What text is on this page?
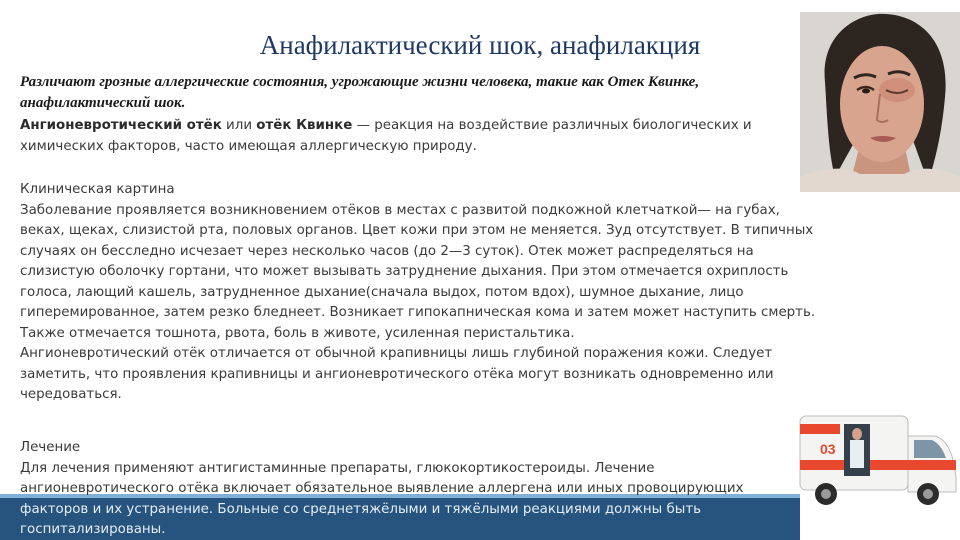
Анафилактический шок, анафилакция
Различают грозные аллергические состояния, угрожающие жизни человека, такие как Отек Квинке,
анафилактический шок.
Ангионевротический отёк или отёк Квинке — реакция на воздействие различных биологических и
химических факторов, часто имеющая аллергическую природу.

Клиническая картина

Заболевание проявляется возникновением отёков в местах с развитой подкожной клетчаткой— на губах,

веках, щеках, слизистой рта, половых органов. Цвет кожи при этом не меняется. Зуд отсутствует. В типичных

случаях он бесследно исчезает через несколько часов (до 2—3 суток). Отек может распределяться на

слизистую оболочку гортани, что может вызывать затруднение дыхания. При этом отмечается охриплость

голоса, лающий кашель, затрудненное дыхание(сначала выдох, потом вдох), шумное дыхание, лицо

гиперемированное, затем резко бледнеет. Возникает гипокапническая кома и затем может наступить смерть.

Также отмечается тошнота, рвота, боль в животе, усиленная перистальтика.

Ангионевротический отёк отличается от обычной крапивницы лишь глубиной поражения кожи. Следует

заметить, что проявления крапивницы и ангионевротического отёка могут возникать одновременно или

чередоваться.

Лечение

Для лечения применяют антигистаминные препараты, глюкокортикостероиды. Лечение

ангионевротического отёка включает обязательное выявление аллергена или иных провоцирующих

факторов и их устранение. Больные со среднетяжёлыми и тяжёлыми реакциями должны быть

госпитализированы.

03
